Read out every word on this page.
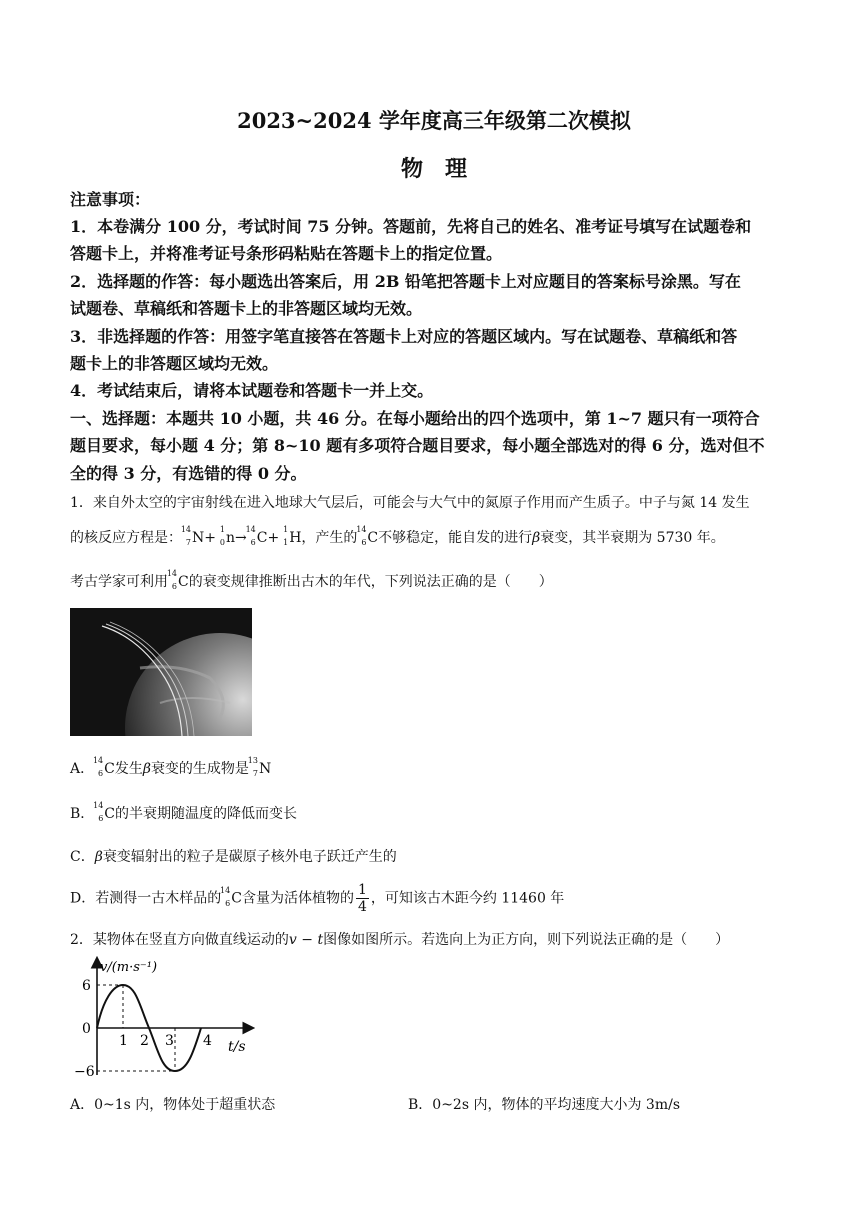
2023~2024 学年度高三年级第二次模拟
物　理
注意事项：
1．本卷满分 100 分，考试时间 75 分钟。答题前，先将自己的姓名、准考证号填写在试题卷和
答题卡上，并将准考证号条形码粘贴在答题卡上的指定位置。
2．选择题的作答：每小题选出答案后，用 2B 铅笔把答题卡上对应题目的答案标号涂黑。写在
试题卷、草稿纸和答题卡上的非答题区域均无效。
3．非选择题的作答：用签字笔直接答在答题卡上对应的答题区域内。写在试题卷、草稿纸和答
题卡上的非答题区域均无效。
4．考试结束后，请将本试题卷和答题卡一并上交。
一、选择题：本题共 10 小题，共 46 分。在每小题给出的四个选项中，第 1~7 题只有一项符合
题目要求，每小题 4 分；第 8~10 题有多项符合题目要求，每小题全部选对的得 6 分，选对但不
全的得 3 分，有选错的得 0 分。
1．来自外太空的宇宙射线在进入地球大气层后，可能会与大气中的氮原子作用而产生质子。中子与氮 14 发生
的核反应方程是：
14
7 N+
1
0 n→
14
6 C+
1
1 H，产生的
14
6 C不够稳定，能自发的进行β衰变，其半衰期为 5730 年。
考古学家可利用
14
6 C的衰变规律推断出古木的年代，下列说法正确的是（　　）
A．
14
6 C发生β衰变的生成物是
13
7 N
B．
14
6 C的半衰期随温度的降低而变长
C．β衰变辐射出的粒子是碳原子核外电子跃迁产生的
D．若测得一古木样品的
14
6 C含量为活体植物的 $\frac{1}{4}$ ，可知该古木距今约 11460 年
2．某物体在竖直方向做直线运动的v − t图像如图所示。若选向上为正方向，则下列说法正确的是（　　）
v/(m·s⁻¹)
t/s
6
0
−6
1 2 3 4
A．0~1s 内，物体处于超重状态	B．0~2s 内，物体的平均速度大小为 3m/s
